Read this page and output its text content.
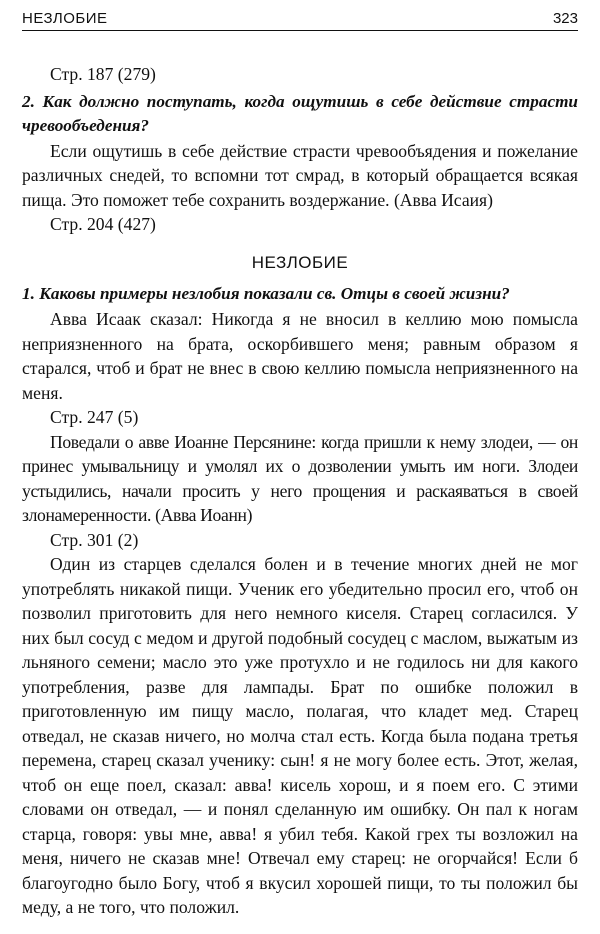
НЕЗЛОБИЕ	323

Стр. 187 (279)

2. Как должно поступать, когда ощутишь в себе действие страсти чревообъедения?

Если ощутишь в себе действие страсти чревообъядения и пожелание различных снедей, то вспомни тот смрад, в который обращается всякая пища. Это поможет тебе сохранить воздержание. (Авва Исаия)

Стр. 204 (427)

НЕЗЛОБИЕ

1. Каковы примеры незлобия показали св. Отцы в своей жизни?

Авва Исаак сказал: Никогда я не вносил в келлию мою помысла неприязненного на брата, оскорбившего меня; равным образом я старался, чтоб и брат не внес в свою келлию помысла неприязненного на меня.

Стр. 247 (5)

Поведали о авве Иоанне Персянине: когда пришли к нему злодеи, — он принес умывальницу и умолял их о дозволении умыть им ноги. Злодеи устыдились, начали просить у него прощения и раскаяваться в своей злонамеренности. (Авва Иоанн)

Стр. 301 (2)

Один из старцев сделался болен и в течение многих дней не мог употреблять никакой пищи. Ученик его убедительно просил его, чтоб он позволил приготовить для него немного киселя. Старец согласился. У них был сосуд с медом и другой подобный сосудец с маслом, выжатым из льняного семени; масло это уже протухло и не годилось ни для какого употребления, разве для лампады. Брат по ошибке положил в приготовленную им пищу масло, полагая, что кладет мед. Старец отведал, не сказав ничего, но молча стал есть. Когда была подана третья перемена, старец сказал ученику: сын! я не могу более есть. Этот, желая, чтоб он еще поел, сказал: авва! кисель хорош, и я поем его. С этими словами он отведал, — и понял сделанную им ошибку. Он пал к ногам старца, говоря: увы мне, авва! я убил тебя. Какой грех ты возложил на меня, ничего не сказав мне! Отвечал ему старец: не огорчайся! Если б благоугодно было Богу, чтоб я вкусил хорошей пищи, то ты положил бы меду, а не того, что положил.
